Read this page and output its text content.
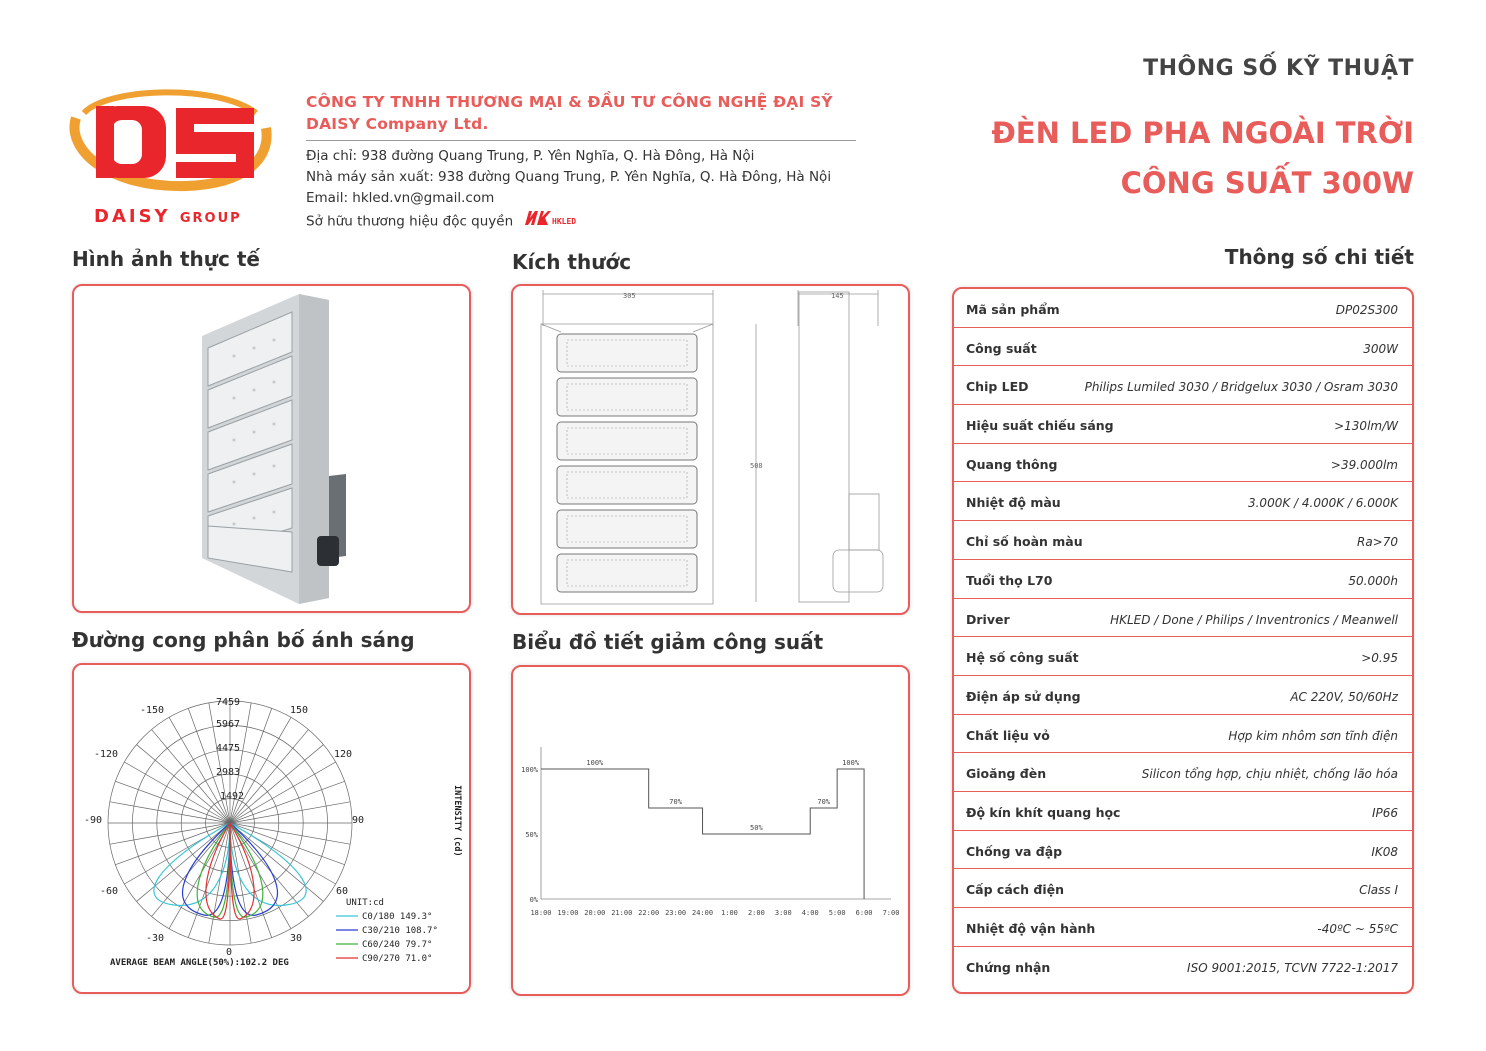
DAISY GROUP
CÔNG TY TNHH THƯƠNG MẠI & ĐẦU TƯ CÔNG NGHỆ ĐẠI SỸ
DAISY Company Ltd.
Địa chỉ: 938 đường Quang Trung, P. Yên Nghĩa, Q. Hà Đông, Hà Nội
Nhà máy sản xuất: 938 đường Quang Trung, P. Yên Nghĩa, Q. Hà Đông, Hà Nội
Email: hkled.vn@gmail.com
Sở hữu thương hiệu độc quyền	HKLED
THÔNG SỐ KỸ THUẬT
ĐÈN LED PHA NGOÀI TRỜI
CÔNG SUẤT 300W
Hình ảnh thực tế	Kích thước	Thông số chi tiết
Đường cong phân bố ánh sáng	Biểu đồ tiết giảm công suất
305	145
508
7459
5967
4475
2983
1492
-150	150
-120	120
-90	90
-60	60
-30	30
0
INTENSITY (cd)
UNIT:cd
C0/180 149.3°
C30/210 108.7°
C60/240 79.7°
C90/270 71.0°
AVERAGE BEAM ANGLE(50%):102.2 DEG
18:00 19:00 20:00 21:00 22:00 23:00 24:00 1:00 2:00 3:00 4:00 5:00 6:00 7:00
0%
50%
100%
100%
70%
50%
70%
100%
Mã sản phẩm	DP02S300
Công suất	300W
Chip LED	Philips Lumiled 3030 / Bridgelux 3030 / Osram 3030
Hiệu suất chiếu sáng	>130lm/W
Quang thông	>39.000lm
Nhiệt độ màu	3.000K / 4.000K / 6.000K
Chỉ số hoàn màu	Ra>70
Tuổi thọ L70	50.000h
Driver	HKLED / Done / Philips / Inventronics / Meanwell
Hệ số công suất	>0.95
Điện áp sử dụng	AC 220V, 50/60Hz
Chất liệu vỏ	Hợp kim nhôm sơn tĩnh điện
Gioăng đèn	Silicon tổng hợp, chịu nhiệt, chống lão hóa
Độ kín khít quang học	IP66
Chống va đập	IK08
Cấp cách điện	Class I
Nhiệt độ vận hành	-40ºC ~ 55ºC
Chứng nhận	ISO 9001:2015, TCVN 7722-1:2017
